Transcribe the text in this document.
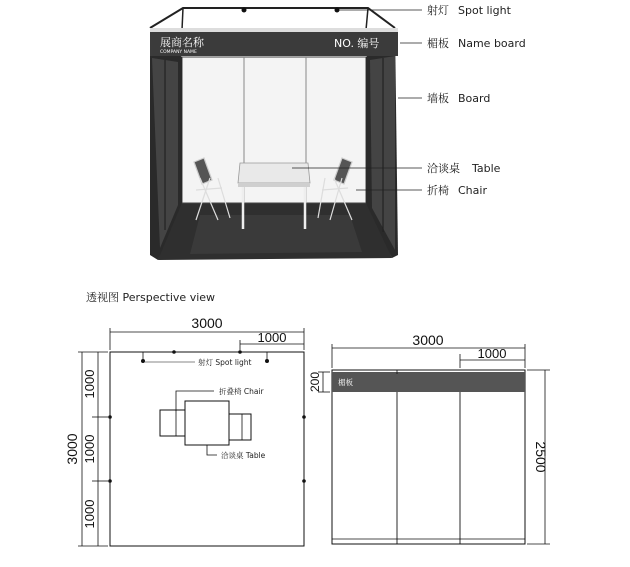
展商名称
COMPANY NAME
NO. 编号
射灯 Spot light
楣板 Name board
墙板 Board
洽谈桌 Table
折椅 Chair
透视图 Perspective view
3000
1000
3000
1000
1000
1000
射灯 Spot light
折叠椅 Chair
洽谈桌 Table
楣板
3000
1000
200
2500
